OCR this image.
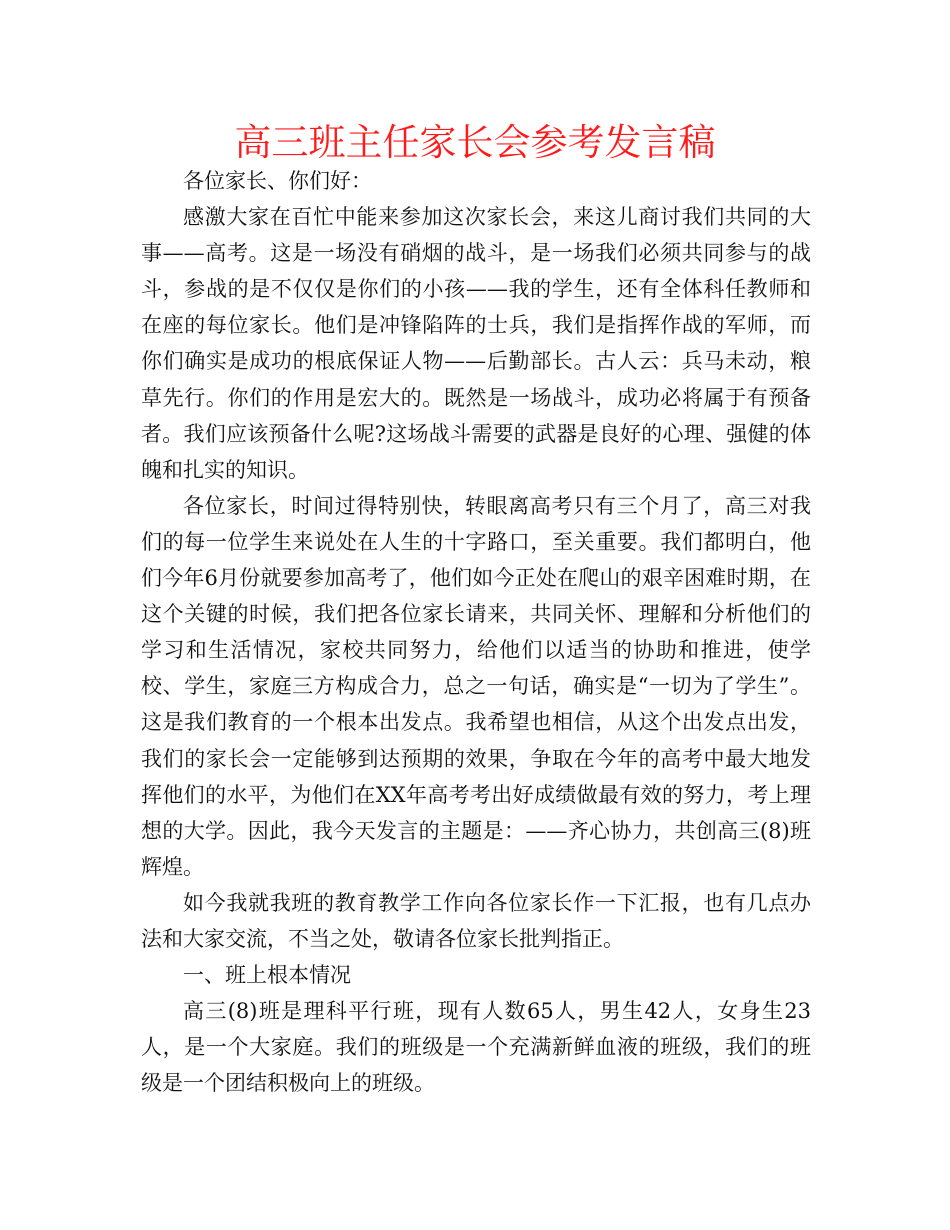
高三班主任家长会参考发言稿

各位家长、你们好：

感激大家在百忙中能来参加这次家长会，来这儿商讨我们共同的大事——高考。这是一场没有硝烟的战斗，是一场我们必须共同参与的战斗，参战的是不仅仅是你们的小孩——我的学生，还有全体科任教师和在座的每位家长。他们是冲锋陷阵的士兵，我们是指挥作战的军师，而你们确实是成功的根底保证人物——后勤部长。古人云：兵马未动，粮草先行。你们的作用是宏大的。既然是一场战斗，成功必将属于有预备者。我们应该预备什么呢?这场战斗需要的武器是良好的心理、强健的体魄和扎实的知识。

各位家长，时间过得特别快，转眼离高考只有三个月了，高三对我们的每一位学生来说处在人生的十字路口，至关重要。我们都明白，他们今年6月份就要参加高考了，他们如今正处在爬山的艰辛困难时期，在这个关键的时候，我们把各位家长请来，共同关怀、理解和分析他们的学习和生活情况，家校共同努力，给他们以适当的协助和推进，使学校、学生，家庭三方构成合力，总之一句话，确实是“一切为了学生”。这是我们教育的一个根本出发点。我希望也相信，从这个出发点出发，我们的家长会一定能够到达预期的效果，争取在今年的高考中最大地发挥他们的水平，为他们在XX年高考考出好成绩做最有效的努力，考上理想的大学。因此，我今天发言的主题是：——齐心协力，共创高三(8)班辉煌。

如今我就我班的教育教学工作向各位家长作一下汇报，也有几点办法和大家交流，不当之处，敬请各位家长批判指正。

一、班上根本情况

高三(8)班是理科平行班，现有人数65人，男生42人，女身生23人，是一个大家庭。我们的班级是一个充满新鲜血液的班级，我们的班级是一个团结积极向上的班级。
